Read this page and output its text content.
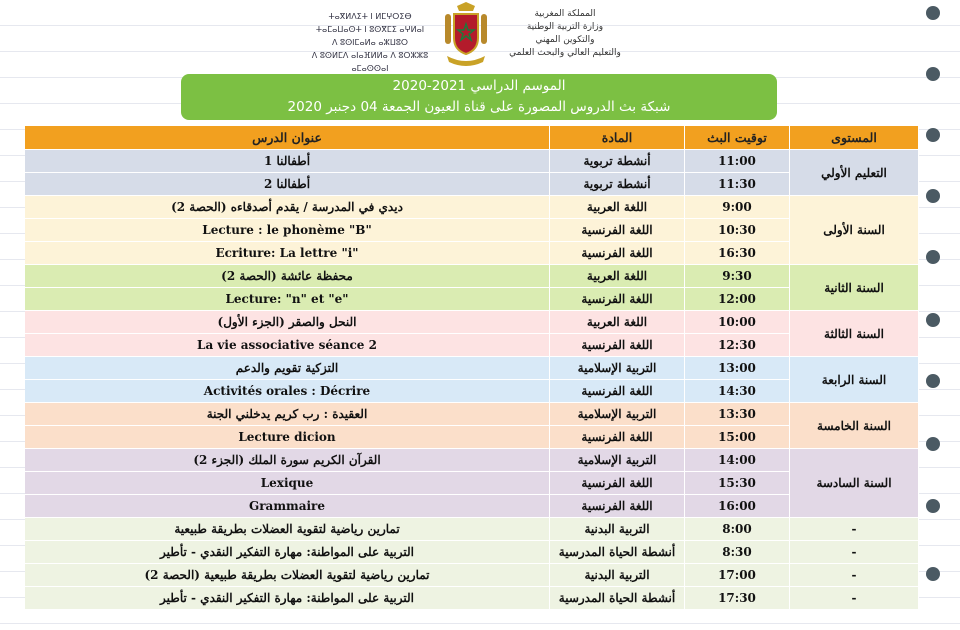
ⵜⴰⴳⵍⴷⵉⵜ ⵏ ⵍⵎⵖⵔⵉⴱ
ⵜⴰⵎⴰⵡⴰⵙⵜ ⵏ ⵓⵙⴳⵎⵉ ⴰⵖⵍⴰⵏ
ⴷ ⵓⵙⵏⵎⴰⵍⴰ ⴰⵣⵡⵓⵔ
ⴷ ⵓⵙⵍⵎⴷ ⴰⵏⴰⴼⵍⵍⴰ ⴷ ⵓⵔⵣⵣⵓ ⴰⵎⴰⵙⵙⴰⵏ
المملكة المغربية
وزارة التربية الوطنية
والتكوين المهني
والتعليم العالي والبحث العلمي
الموسم الدراسي 2021-2020
شبكة بث الدروس المصورة على قناة العيون الجمعة 04 دجنبر 2020
عنوان الدرس	المادة	توقيت البث	المستوى
أطفالنا 1	أنشطة تربوية	11:00	التعليم الأولي
أطفالنا 2	أنشطة تربوية	11:30	
ديدي في المدرسة / يقدم أصدقاءه (الحصة 2)	اللغة العربية	9:00	السنة الأولى
Lecture : le phonème "B"	اللغة الفرنسية	10:30	
Ecriture: La lettre "i"	اللغة الفرنسية	16:30	
محفظة عائشة (الحصة 2)	اللغة العربية	9:30	السنة الثانية
Lecture: "n" et "e"	اللغة الفرنسية	12:00	
النحل والصقر (الجزء الأول)	اللغة العربية	10:00	السنة الثالثة
La vie associative séance 2	اللغة الفرنسية	12:30	
التزكية تقويم والدعم	التربية الإسلامية	13:00	السنة الرابعة
Activités orales : Décrire	اللغة الفرنسية	14:30	
العقيدة : رب كريم يدخلني الجنة	التربية الإسلامية	13:30	السنة الخامسة
Lecture dicion	اللغة الفرنسية	15:00	
القرآن الكريم سورة الملك (الجزء 2)	التربية الإسلامية	14:00	السنة السادسة
Lexique	اللغة الفرنسية	15:30	
Grammaire	اللغة الفرنسية	16:00	
تمارين رياضية لتقوية العضلات بطريقة طبيعية	التربية البدنية	8:00	-
التربية على المواطنة: مهارة التفكير النقدي - تأطير	أنشطة الحياة المدرسية	8:30	-
تمارين رياضية لتقوية العضلات بطريقة طبيعية (الحصة 2)	التربية البدنية	17:00	-
التربية على المواطنة: مهارة التفكير النقدي - تأطير	أنشطة الحياة المدرسية	17:30	-
